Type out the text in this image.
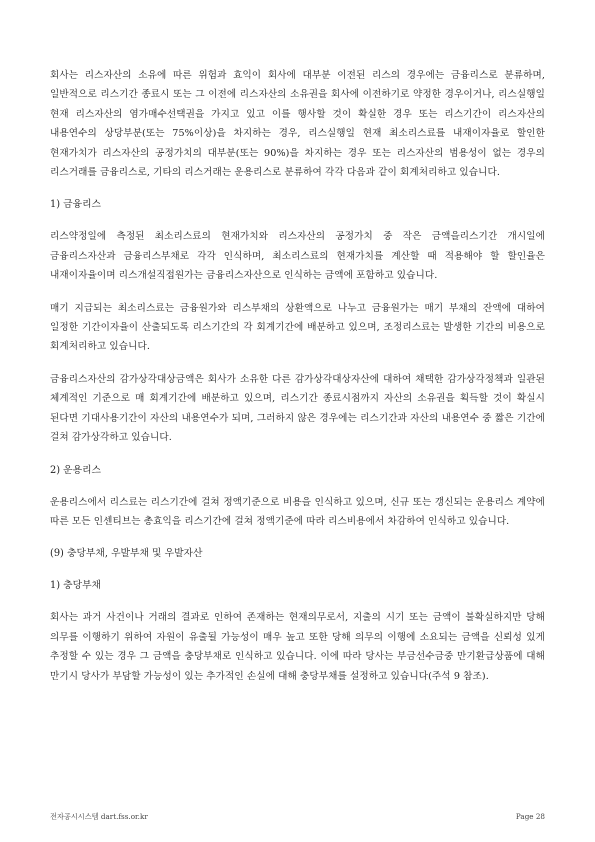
회사는 리스자산의 소유에 따른 위험과 효익이 회사에 대부분 이전된 리스의 경우에는 금융리스로 분류하며, 일반적으로 리스기간 종료시 또는 그 이전에 리스자산의 소유권을 회사에 이전하기로 약정한 경우이거나, 리스실행일 현재 리스자산의 염가매수선택권을 가지고 있고 이를 행사할 것이 확실한 경우 또는 리스기간이 리스자산의 내용연수의 상당부분(또는 75%이상)을 차지하는 경우, 리스실행일 현재 최소리스료를 내재이자율로 할인한 현재가치가 리스자산의 공정가치의 대부분(또는 90%)을 차지하는 경우 또는 리스자산의 범용성이 없는 경우의 리스거래를 금융리스로, 기타의 리스거래는 운용리스로 분류하여 각각 다음과 같이 회계처리하고 있습니다.

1) 금융리스

리스약정일에 측정된 최소리스료의 현재가치와 리스자산의 공정가치 중 작은 금액을리스기간 개시일에 금융리스자산과 금융리스부채로 각각 인식하며, 최소리스료의 현재가치를 계산할 때 적용해야 할 할인율은 내재이자율이며 리스개설직접원가는 금융리스자산으로 인식하는 금액에 포함하고 있습니다.

매기 지급되는 최소리스료는 금융원가와 리스부채의 상환액으로 나누고 금융원가는 매기 부채의 잔액에 대하여 일정한 기간이자율이 산출되도록 리스기간의 각 회계기간에 배분하고 있으며, 조정리스료는 발생한 기간의 비용으로 회계처리하고 있습니다.

금융리스자산의 감가상각대상금액은 회사가 소유한 다른 감가상각대상자산에 대하여 채택한 감가상각정책과 일관된 체계적인 기준으로 매 회계기간에 배분하고 있으며, 리스기간 종료시점까지 자산의 소유권을 획득할 것이 확실시 된다면 기대사용기간이 자산의 내용연수가 되며, 그러하지 않은 경우에는 리스기간과 자산의 내용연수 중 짧은 기간에 걸쳐 감가상각하고 있습니다.

2) 운용리스

운용리스에서 리스료는 리스기간에 걸쳐 정액기준으로 비용을 인식하고 있으며, 신규 또는 갱신되는 운용리스 계약에 따른 모든 인센티브는 총효익을 리스기간에 걸쳐 정액기준에 따라 리스비용에서 차감하여 인식하고 있습니다.

(9) 충당부채, 우발부채 및 우발자산

1) 충당부채

회사는 과거 사건이나 거래의 결과로 인하여 존재하는 현재의무로서, 지출의 시기 또는 금액이 불확실하지만 당해 의무를 이행하기 위하여 자원이 유출될 가능성이 매우 높고 또한 당해 의무의 이행에 소요되는 금액을 신뢰성 있게 추정할 수 있는 경우 그 금액을 충당부채로 인식하고 있습니다. 이에 따라 당사는 부금선수금중 만기환급상품에 대해 만기시 당사가 부담할 가능성이 있는 추가적인 손실에 대해 충당부채를 설정하고 있습니다(주석 9 참조).

전자공시시스템 dart.fss.or.kr	Page 28
